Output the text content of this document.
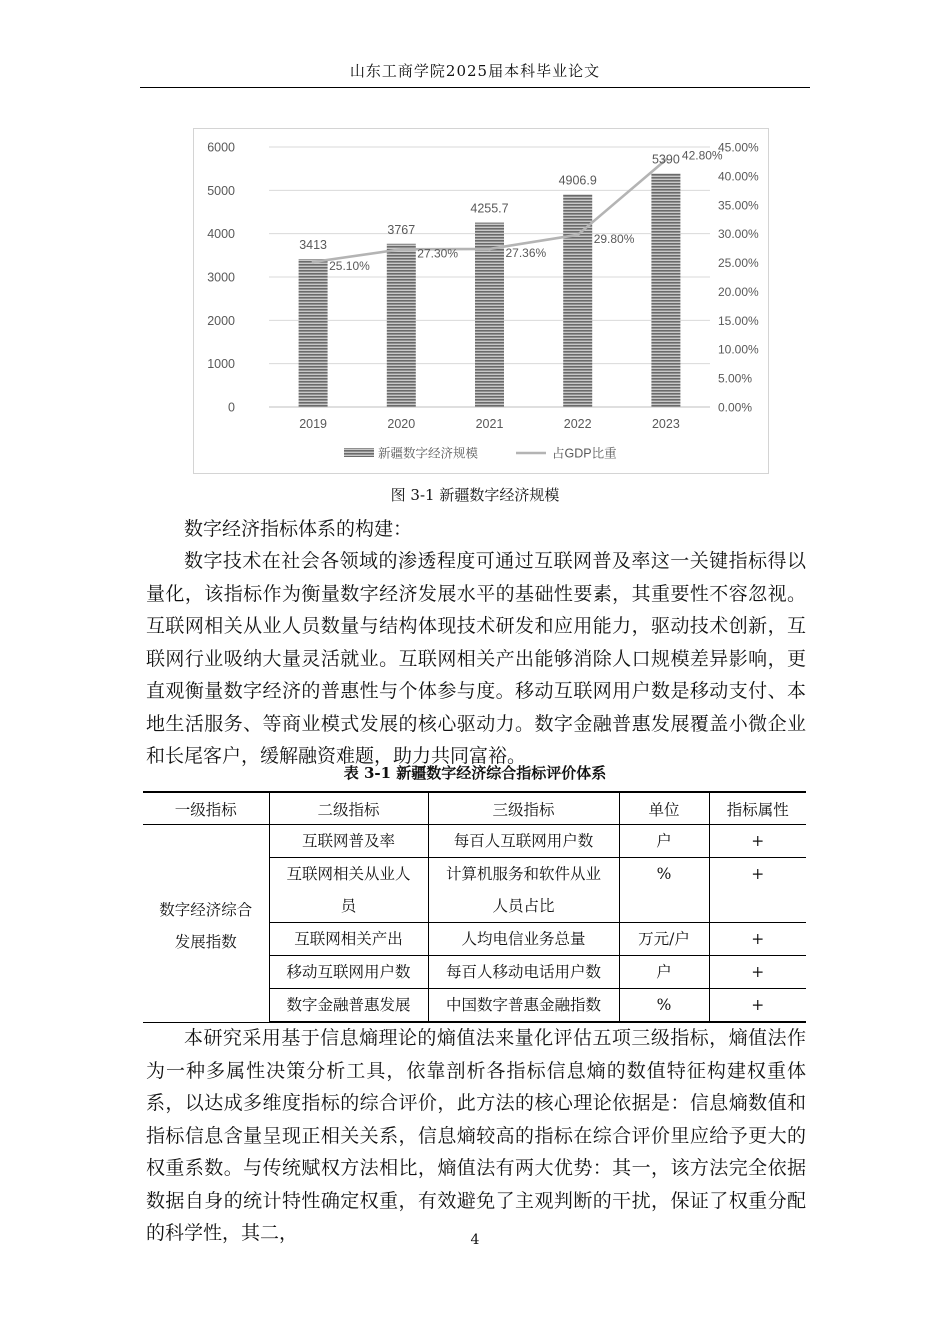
山东工商学院2025届本科毕业论文
0
1000
2000
3000
4000
5000
6000
0.00%
5.00%
10.00%
15.00%
20.00%
25.00%
30.00%
35.00%
40.00%
45.00%
2019	2020	2021	2022	2023
3413
3767
4255.7
4906.9
5390
25.10%
27.30%	27.36%
29.80%
42.80%
新疆数字经济规模	占GDP比重
图 3-1 新疆数字经济规模
数字经济指标体系的构建：
数字技术在社会各领域的渗透程度可通过互联网普及率这一关键指标得以量化，该指标作为衡量数字经济发展水平的基础性要素，其重要性不容忽视。互联网相关从业人员数量与结构体现技术研发和应用能力，驱动技术创新，互联网行业吸纳大量灵活就业。互联网相关产出能够消除人口规模差异影响，更直观衡量数字经济的普惠性与个体参与度。移动互联网用户数是移动支付、本地生活服务、等商业模式发展的核心驱动力。数字金融普惠发展覆盖小微企业和长尾客户，缓解融资难题，助力共同富裕。
表 3-1 新疆数字经济综合指标评价体系
一级指标	二级指标	三级指标	单位	指标属性
数字经济综合
发展指数	互联网普及率	每百人互联网用户数	户	+
	互联网相关从业人员	计算机服务和软件从业人员占比	%	+
	互联网相关产出	人均电信业务总量	万元/户	+
	移动互联网用户数	每百人移动电话用户数	户	+
	数字金融普惠发展	中国数字普惠金融指数	%	+
本研究采用基于信息熵理论的熵值法来量化评估五项三级指标，熵值法作为一种多属性决策分析工具，依靠剖析各指标信息熵的数值特征构建权重体系，以达成多维度指标的综合评价，此方法的核心理论依据是：信息熵数值和指标信息含量呈现正相关关系，信息熵较高的指标在综合评价里应给予更大的权重系数。与传统赋权方法相比，熵值法有两大优势：其一，该方法完全依据数据自身的统计特性确定权重，有效避免了主观判断的干扰，保证了权重分配的科学性，其二，	4
